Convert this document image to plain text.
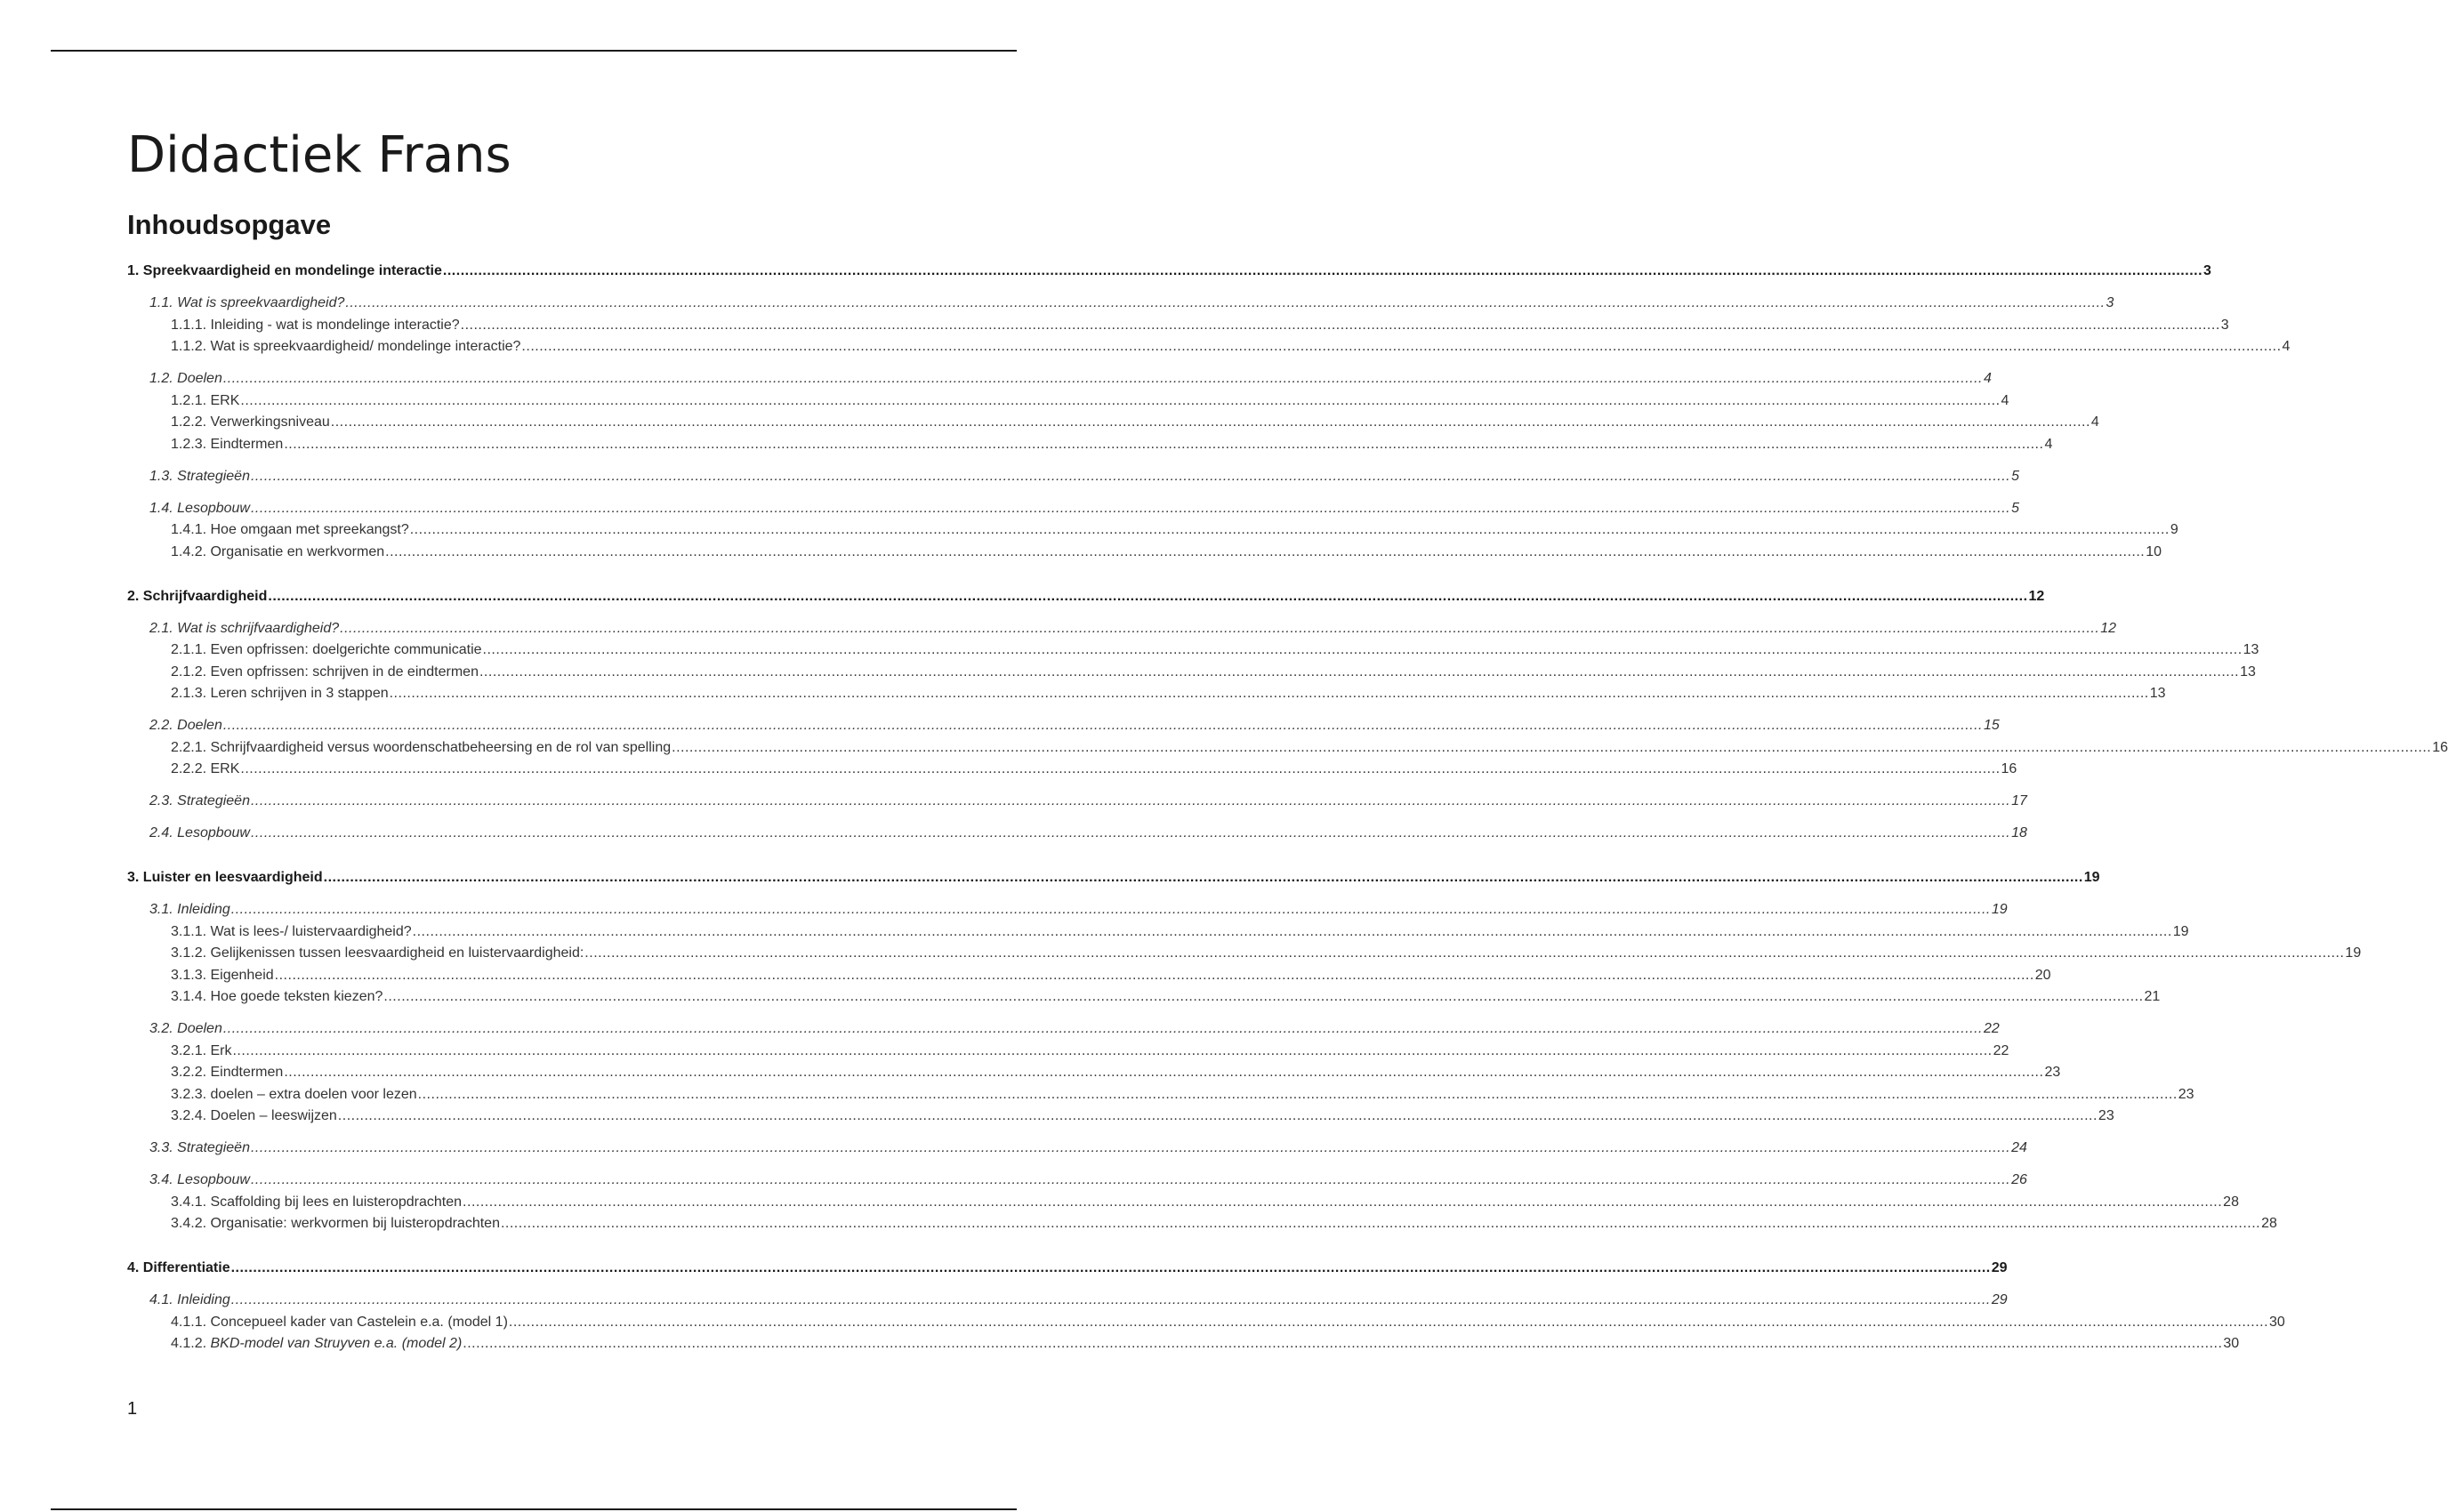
Didactiek Frans
Inhoudsopgave
1. Spreekvaardigheid en mondelinge interactie ................................................................................................................................................................................................................................................................................................................................................................................................................ 3
1.1. Wat is spreekvaardigheid? ................................................................................................................................................................................................................................................................................................................................................................................................................ 3
1.1.1. Inleiding - wat is mondelinge interactie? ................................................................................................................................................................................................................................................................................................................................................................................................................ 3
1.1.2. Wat is spreekvaardigheid/ mondelinge interactie? ................................................................................................................................................................................................................................................................................................................................................................................................................ 4
1.2. Doelen ................................................................................................................................................................................................................................................................................................................................................................................................................ 4
1.2.1. ERK ................................................................................................................................................................................................................................................................................................................................................................................................................ 4
1.2.2. Verwerkingsniveau ................................................................................................................................................................................................................................................................................................................................................................................................................ 4
1.2.3. Eindtermen ................................................................................................................................................................................................................................................................................................................................................................................................................ 4
1.3. Strategieën ................................................................................................................................................................................................................................................................................................................................................................................................................ 5
1.4. Lesopbouw ................................................................................................................................................................................................................................................................................................................................................................................................................ 5
1.4.1. Hoe omgaan met spreekangst? ................................................................................................................................................................................................................................................................................................................................................................................................................ 9
1.4.2. Organisatie en werkvormen ................................................................................................................................................................................................................................................................................................................................................................................................................ 10
2. Schrijfvaardigheid ................................................................................................................................................................................................................................................................................................................................................................................................................ 12
2.1. Wat is schrijfvaardigheid? ................................................................................................................................................................................................................................................................................................................................................................................................................ 12
2.1.1. Even opfrissen: doelgerichte communicatie ................................................................................................................................................................................................................................................................................................................................................................................................................ 13
2.1.2. Even opfrissen: schrijven in de eindtermen ................................................................................................................................................................................................................................................................................................................................................................................................................ 13
2.1.3. Leren schrijven in 3 stappen ................................................................................................................................................................................................................................................................................................................................................................................................................ 13
2.2. Doelen ................................................................................................................................................................................................................................................................................................................................................................................................................ 15
2.2.1. Schrijfvaardigheid versus woordenschatbeheersing en de rol van spelling ................................................................................................................................................................................................................................................................................................................................................................................................................ 16
2.2.2. ERK ................................................................................................................................................................................................................................................................................................................................................................................................................ 16
2.3. Strategieën ................................................................................................................................................................................................................................................................................................................................................................................................................ 17
2.4. Lesopbouw ................................................................................................................................................................................................................................................................................................................................................................................................................ 18
3. Luister en leesvaardigheid ................................................................................................................................................................................................................................................................................................................................................................................................................ 19
3.1. Inleiding ................................................................................................................................................................................................................................................................................................................................................................................................................ 19
3.1.1. Wat is lees-/ luistervaardigheid? ................................................................................................................................................................................................................................................................................................................................................................................................................ 19
3.1.2. Gelijkenissen tussen leesvaardigheid en luistervaardigheid: ................................................................................................................................................................................................................................................................................................................................................................................................................ 19
3.1.3. Eigenheid ................................................................................................................................................................................................................................................................................................................................................................................................................ 20
3.1.4. Hoe goede teksten kiezen? ................................................................................................................................................................................................................................................................................................................................................................................................................ 21
3.2. Doelen ................................................................................................................................................................................................................................................................................................................................................................................................................ 22
3.2.1. Erk ................................................................................................................................................................................................................................................................................................................................................................................................................ 22
3.2.2. Eindtermen ................................................................................................................................................................................................................................................................................................................................................................................................................ 23
3.2.3. doelen – extra doelen voor lezen ................................................................................................................................................................................................................................................................................................................................................................................................................ 23
3.2.4. Doelen – leeswijzen ................................................................................................................................................................................................................................................................................................................................................................................................................ 23
3.3. Strategieën ................................................................................................................................................................................................................................................................................................................................................................................................................ 24
3.4. Lesopbouw ................................................................................................................................................................................................................................................................................................................................................................................................................ 26
3.4.1. Scaffolding bij lees en luisteropdrachten ................................................................................................................................................................................................................................................................................................................................................................................................................ 28
3.4.2. Organisatie: werkvormen bij luisteropdrachten ................................................................................................................................................................................................................................................................................................................................................................................................................ 28
4. Differentiatie ................................................................................................................................................................................................................................................................................................................................................................................................................ 29
4.1. Inleiding ................................................................................................................................................................................................................................................................................................................................................................................................................ 29
4.1.1. Concepueel kader van Castelein e.a. (model 1) ................................................................................................................................................................................................................................................................................................................................................................................................................ 30
4.1.2. BKD-model van Struyven e.a. (model 2) ................................................................................................................................................................................................................................................................................................................................................................................................................ 30
1
